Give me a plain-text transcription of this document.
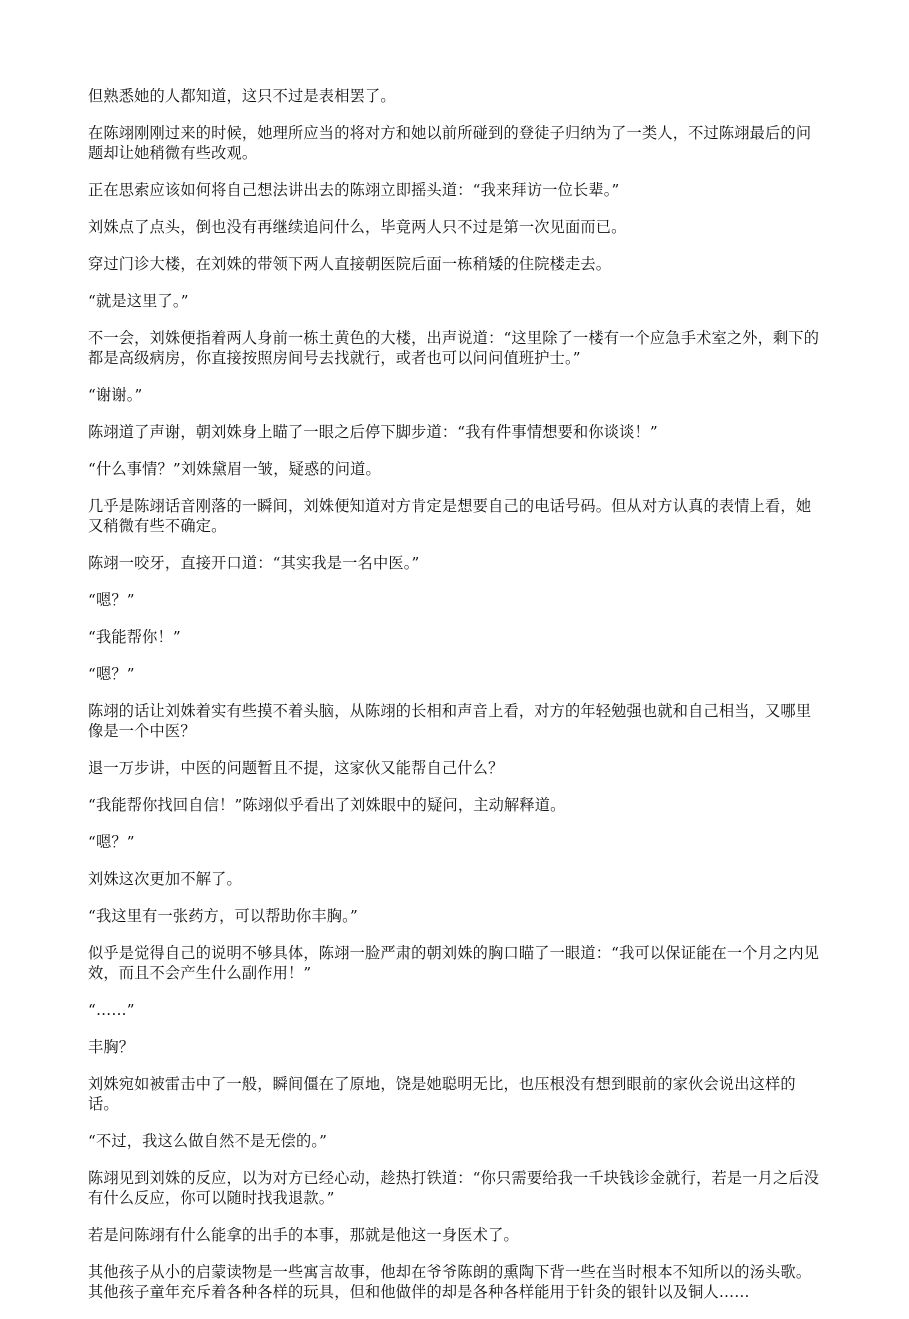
但熟悉她的人都知道，这只不过是表相罢了。

在陈翊刚刚过来的时候，她理所应当的将对方和她以前所碰到的登徒子归纳为了一类人，不过陈翊最后的问题却让她稍微有些改观。

正在思索应该如何将自己想法讲出去的陈翊立即摇头道：“我来拜访一位长辈。”

刘姝点了点头，倒也没有再继续追问什么，毕竟两人只不过是第一次见面而已。

穿过门诊大楼，在刘姝的带领下两人直接朝医院后面一栋稍矮的住院楼走去。

“就是这里了。”

不一会，刘姝便指着两人身前一栋土黄色的大楼，出声说道：“这里除了一楼有一个应急手术室之外，剩下的都是高级病房，你直接按照房间号去找就行，或者也可以问问值班护士。”

“谢谢。”

陈翊道了声谢，朝刘姝身上瞄了一眼之后停下脚步道：“我有件事情想要和你谈谈！”

“什么事情？”刘姝黛眉一皱，疑惑的问道。

几乎是陈翊话音刚落的一瞬间，刘姝便知道对方肯定是想要自己的电话号码。但从对方认真的表情上看，她又稍微有些不确定。

陈翊一咬牙，直接开口道：“其实我是一名中医。”

“嗯？”

“我能帮你！”

“嗯？”

陈翊的话让刘姝着实有些摸不着头脑，从陈翊的长相和声音上看，对方的年轻勉强也就和自己相当，又哪里像是一个中医？

退一万步讲，中医的问题暂且不提，这家伙又能帮自己什么？

“我能帮你找回自信！”陈翊似乎看出了刘姝眼中的疑问，主动解释道。

“嗯？”

刘姝这次更加不解了。

“我这里有一张药方，可以帮助你丰胸。”

似乎是觉得自己的说明不够具体，陈翊一脸严肃的朝刘姝的胸口瞄了一眼道：“我可以保证能在一个月之内见效，而且不会产生什么副作用！”

“……”

丰胸？

刘姝宛如被雷击中了一般，瞬间僵在了原地，饶是她聪明无比，也压根没有想到眼前的家伙会说出这样的话。

“不过，我这么做自然不是无偿的。”

陈翊见到刘姝的反应，以为对方已经心动，趁热打铁道：“你只需要给我一千块钱诊金就行，若是一月之后没有什么反应，你可以随时找我退款。”

若是问陈翊有什么能拿的出手的本事，那就是他这一身医术了。

其他孩子从小的启蒙读物是一些寓言故事，他却在爷爷陈朗的熏陶下背一些在当时根本不知所以的汤头歌。其他孩子童年充斥着各种各样的玩具，但和他做伴的却是各种各样能用于针灸的银针以及铜人……
